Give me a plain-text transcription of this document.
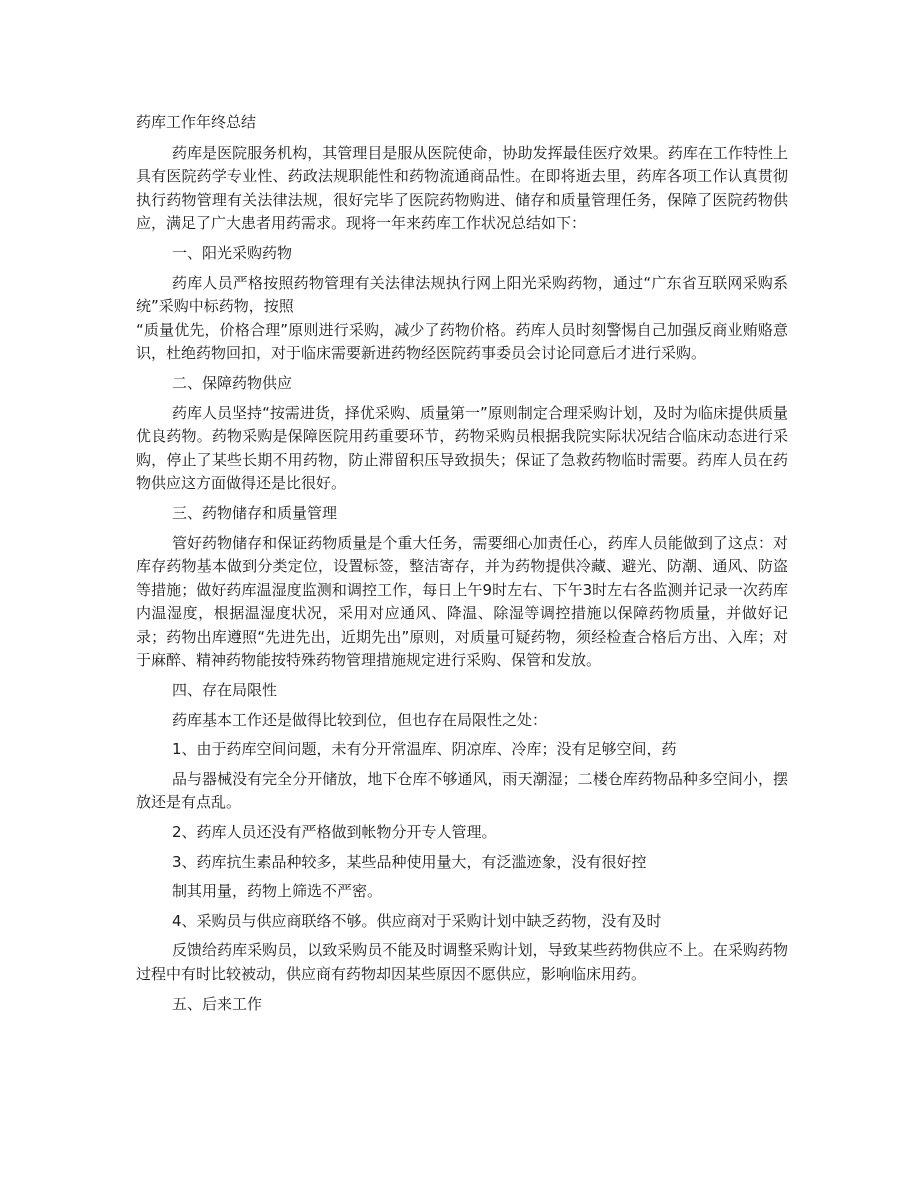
药库工作年终总结

药库是医院服务机构，其管理目是服从医院使命，协助发挥最佳医疗效果。药库在工作特性上具有医院药学专业性、药政法规职能性和药物流通商品性。在即将逝去里，药库各项工作认真贯彻执行药物管理有关法律法规，很好完毕了医院药物购进、储存和质量管理任务，保障了医院药物供应，满足了广大患者用药需求。现将一年来药库工作状况总结如下：

一、阳光采购药物

药库人员严格按照药物管理有关法律法规执行网上阳光采购药物，通过“广东省互联网采购系统”采购中标药物，按照

“质量优先，价格合理”原则进行采购，减少了药物价格。药库人员时刻警惕自己加强反商业贿赂意识，杜绝药物回扣，对于临床需要新进药物经医院药事委员会讨论同意后才进行采购。

二、保障药物供应

药库人员坚持“按需进货，择优采购、质量第一”原则制定合理采购计划，及时为临床提供质量优良药物。药物采购是保障医院用药重要环节，药物采购员根据我院实际状况结合临床动态进行采购，停止了某些长期不用药物，防止滞留积压导致损失；保证了急救药物临时需要。药库人员在药物供应这方面做得还是比很好。

三、药物储存和质量管理

管好药物储存和保证药物质量是个重大任务，需要细心加责任心，药库人员能做到了这点：对库存药物基本做到分类定位，设置标签，整洁寄存，并为药物提供冷藏、避光、防潮、通风、防盗等措施；做好药库温湿度监测和调控工作，每日上午9时左右、下午3时左右各监测并记录一次药库内温湿度，根据温湿度状况，采用对应通风、降温、除湿等调控措施以保障药物质量，并做好记录；药物出库遵照“先进先出，近期先出”原则，对质量可疑药物，须经检查合格后方出、入库；对于麻醉、精神药物能按特殊药物管理措施规定进行采购、保管和发放。

四、存在局限性

药库基本工作还是做得比较到位，但也存在局限性之处：

1、由于药库空间问题，未有分开常温库、阴凉库、冷库；没有足够空间，药

品与器械没有完全分开储放，地下仓库不够通风，雨天潮湿；二楼仓库药物品种多空间小，摆放还是有点乱。

2、药库人员还没有严格做到帐物分开专人管理。

3、药库抗生素品种较多，某些品种使用量大，有泛滥迹象，没有很好控

制其用量，药物上筛选不严密。

4、采购员与供应商联络不够。供应商对于采购计划中缺乏药物，没有及时

反馈给药库采购员，以致采购员不能及时调整采购计划，导致某些药物供应不上。在采购药物过程中有时比较被动，供应商有药物却因某些原因不愿供应，影响临床用药。

五、后来工作
